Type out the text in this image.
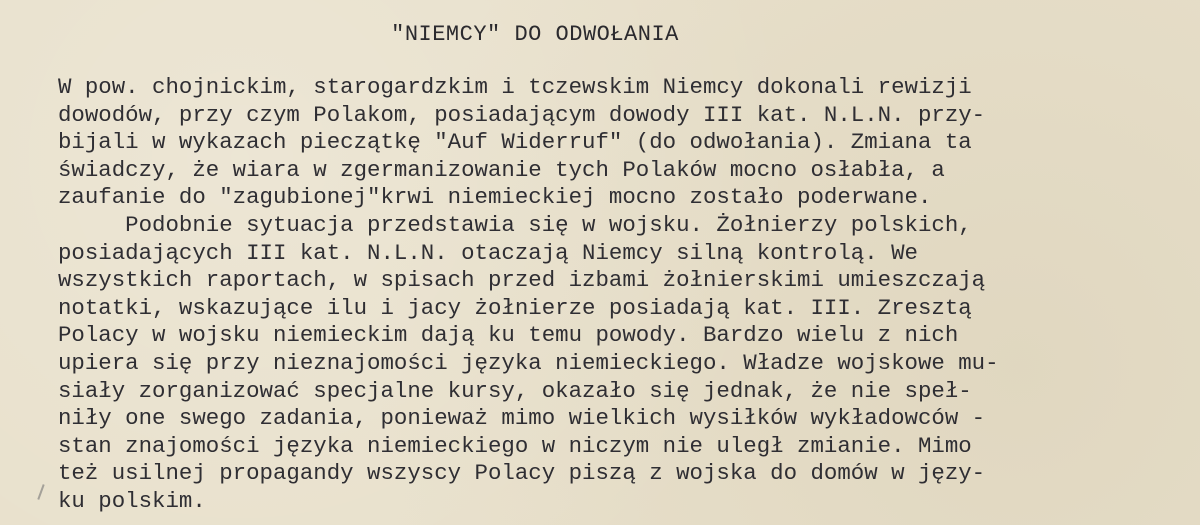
"NIEMCY" DO ODWOŁANIA
W pow. chojnickim, starogardzkim i tczewskim Niemcy dokonali rewizji
dowodów, przy czym Polakom, posiadającym dowody III kat. N.L.N. przy-
bijali w wykazach pieczątkę "Auf Widerruf" (do odwołania). Zmiana ta
świadczy, że wiara w zgermanizowanie tych Polaków mocno osłabła, a
zaufanie do "zagubionej"krwi niemieckiej mocno zostało poderwane.
Podobnie sytuacja przedstawia się w wojsku. Żołnierzy polskich,
posiadających III kat. N.L.N. otaczają Niemcy silną kontrolą. We
wszystkich raportach, w spisach przed izbami żołnierskimi umieszczają
notatki, wskazujące ilu i jacy żołnierze posiadają kat. III. Zresztą
Polacy w wojsku niemieckim dają ku temu powody. Bardzo wielu z nich
upiera się przy nieznajomości języka niemieckiego. Władze wojskowe mu-
siały zorganizować specjalne kursy, okazało się jednak, że nie speł-
niły one swego zadania, ponieważ mimo wielkich wysiłków wykładowców -
stan znajomości języka niemieckiego w niczym nie uległ zmianie. Mimo
też usilnej propagandy wszyscy Polacy piszą z wojska do domów w języ-
ku polskim.
